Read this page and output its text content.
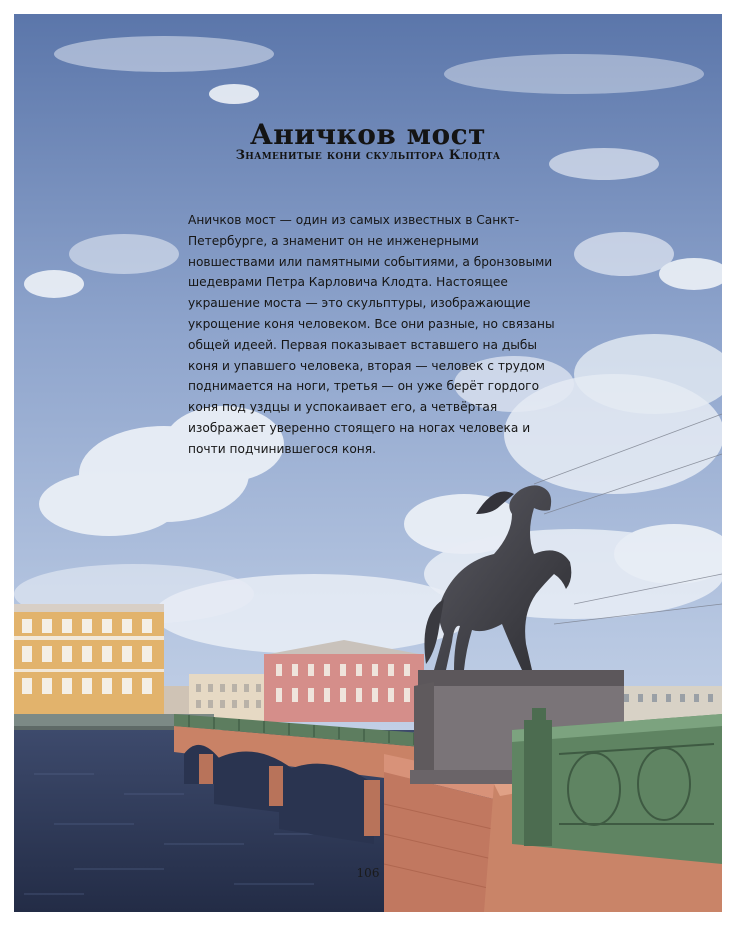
Аничков мост
Знаменитые кони скульптора Клодта

Аничков мост — один из самых известных в Санкт-Петербурге, а знаменит он не инженерными новшествами или памятными событиями, а бронзовыми шедеврами Петра Карловича Клодта. Настоящее украшение моста — это скульптуры, изображающие укрощение коня человеком. Все они разные, но связаны общей идеей. Первая показывает вставшего на дыбы коня и упавшего человека, вторая — человек с трудом поднимается на ноги, третья — он уже берёт гордого коня под уздцы и успокаивает его, а четвёртая изображает уверенно стоящего на ногах человека и почти подчинившегося коня.

106
